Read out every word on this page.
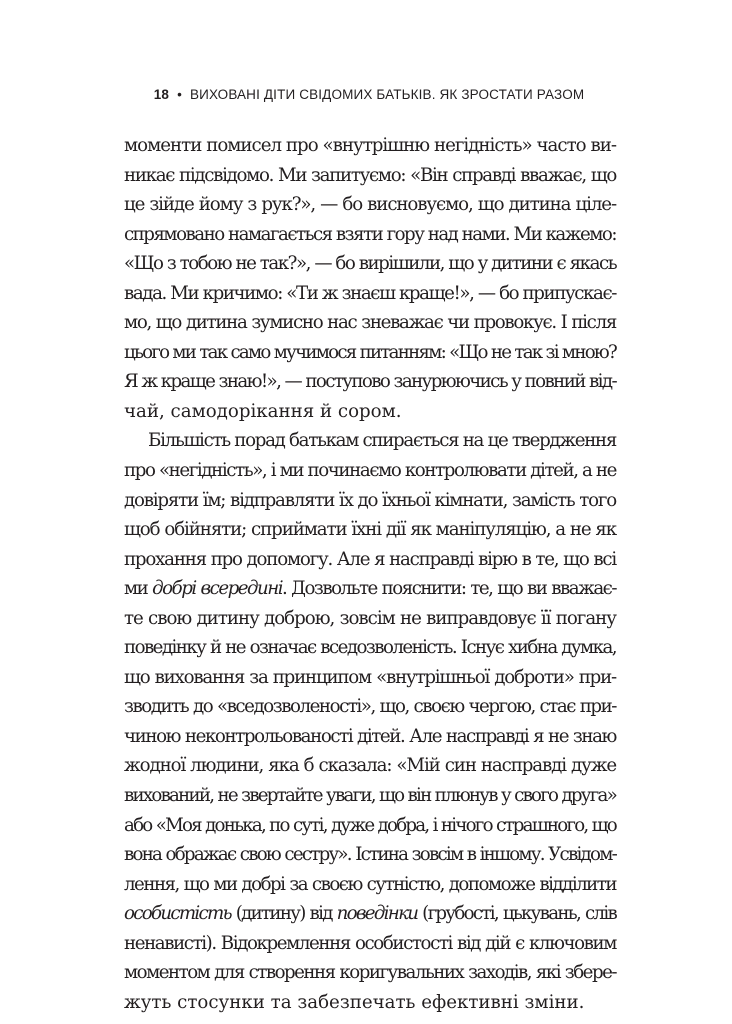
18 • ВИХОВАНІ ДІТИ СВІДОМИХ БАТЬКІВ. ЯК ЗРОСТАТИ РАЗОМ
моменти помисел про «внутрішню негідність» часто ви-
никає підсвідомо. Ми запитуємо: «Він справді вважає, що
це зійде йому з рук?», — бо висновуємо, що дитина ціле-
спрямовано намагається взяти гору над нами. Ми кажемо:
«Що з тобою не так?», — бо вирішили, що у дитини є якась
вада. Ми кричимо: «Ти ж знаєш краще!», — бо припускає-
мо, що дитина зумисно нас зневажає чи провокує. І після
цього ми так само мучимося питанням: «Що не так зі мною?
Я ж краще знаю!», — поступово занурюючись у повний від-
чай, самодорікання й сором.
Більшість порад батькам спирається на це твердження
про «негідність», і ми починаємо контролювати дітей, а не
довіряти їм; відправляти їх до їхньої кімнати, замість того
щоб обійняти; сприймати їхні дії як маніпуляцію, а не як
прохання про допомогу. Але я насправді вірю в те, що всі
ми добрі всередині. Дозвольте пояснити: те, що ви вважає-
те свою дитину доброю, зовсім не виправдовує її погану
поведінку й не означає вседозволеність. Існує хибна думка,
що виховання за принципом «внутрішньої доброти» при-
зводить до «вседозволеності», що, своєю чергою, стає при-
чиною неконтрольованості дітей. Але насправді я не знаю
жодної людини, яка б сказала: «Мій син насправді дуже
вихований, не звертайте уваги, що він плюнув у свого друга»
або «Моя донька, по суті, дуже добра, і нічого страшного, що
вона ображає свою сестру». Істина зовсім в іншому. Усвідом-
лення, що ми добрі за своєю сутністю, допоможе відділити
особистість (дитину) від поведінки (грубості, цькувань, слів
ненависті). Відокремлення особистості від дій є ключовим
моментом для створення коригувальних заходів, які збере-
жуть стосунки та забезпечать ефективні зміни.
